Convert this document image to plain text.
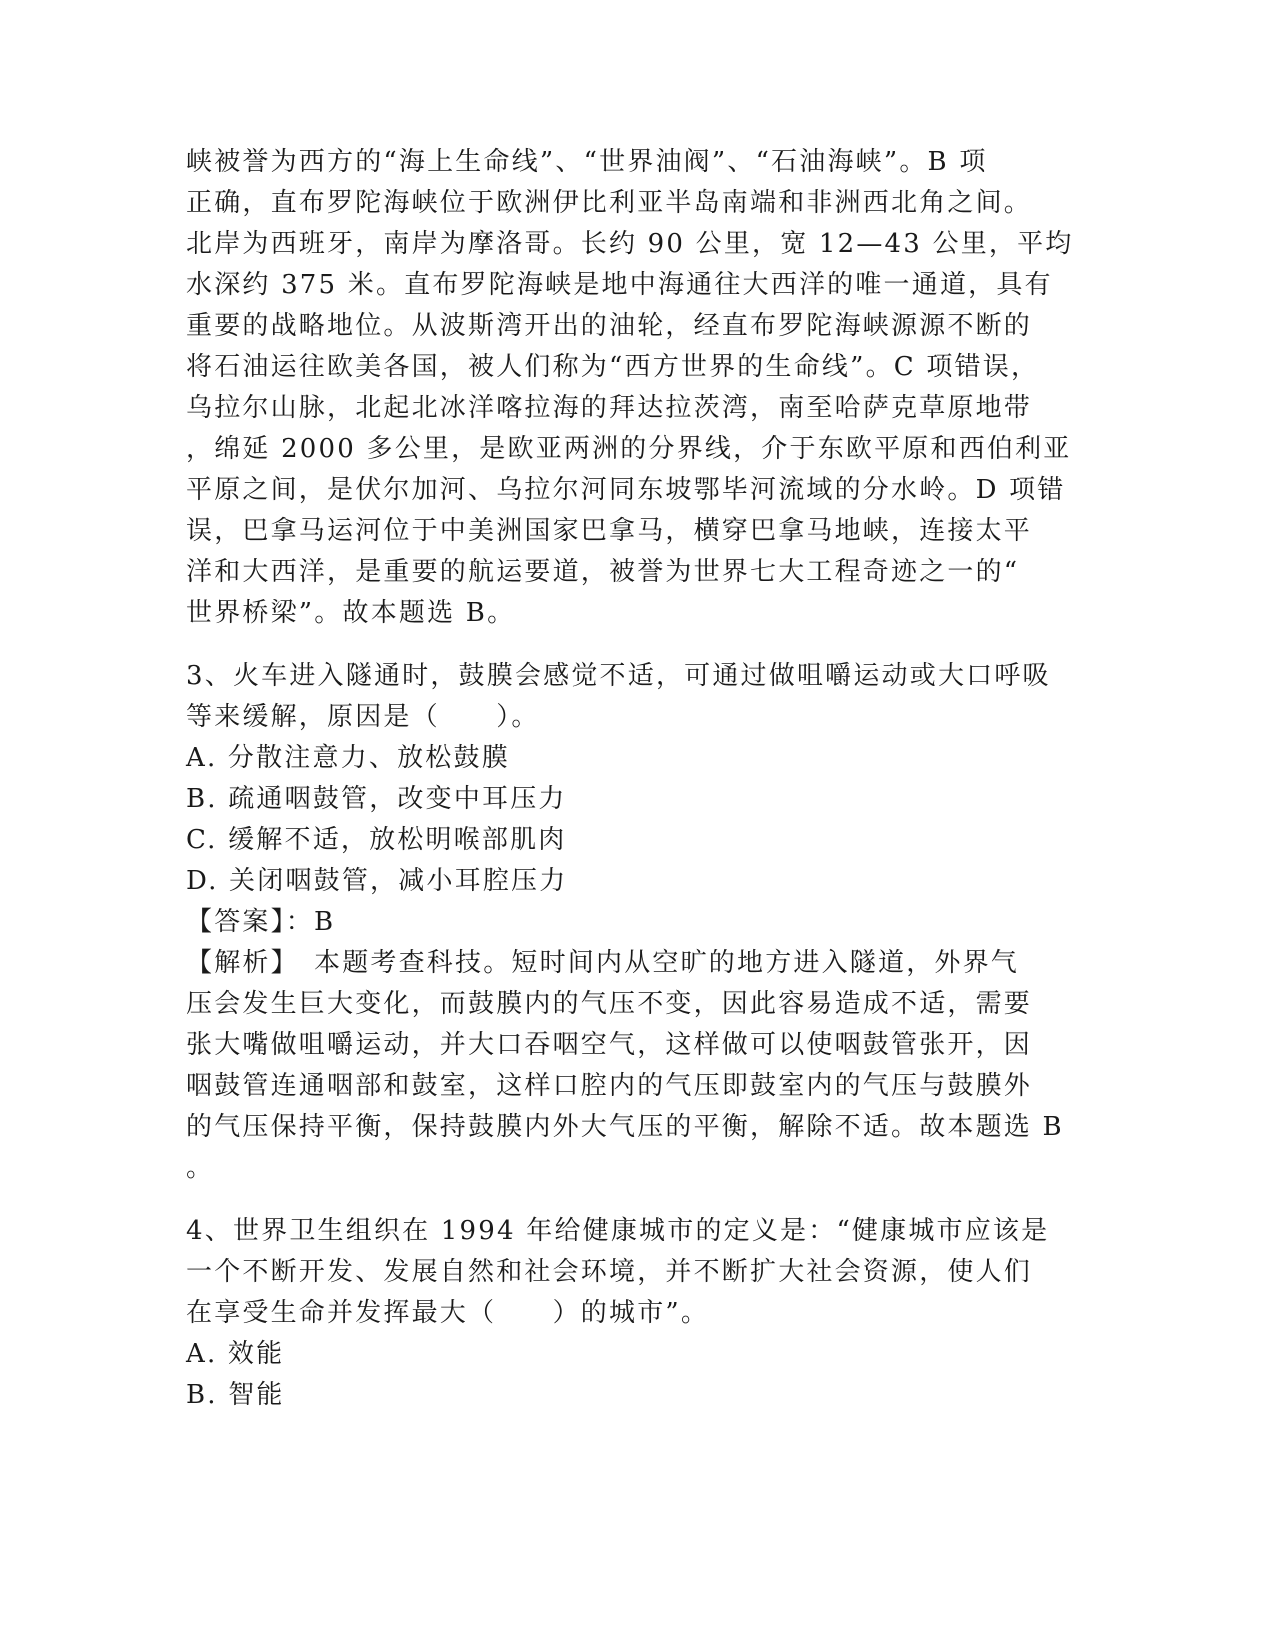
峡被誉为西方的“海上生命线”、“世界油阀”、“石油海峡”。B 项
正确，直布罗陀海峡位于欧洲伊比利亚半岛南端和非洲西北角之间。
北岸为西班牙，南岸为摩洛哥。长约 90 公里，宽 12—43 公里，平均
水深约 375 米。直布罗陀海峡是地中海通往大西洋的唯一通道，具有
重要的战略地位。从波斯湾开出的油轮，经直布罗陀海峡源源不断的
将石油运往欧美各国，被人们称为“西方世界的生命线”。C 项错误，
乌拉尔山脉，北起北冰洋喀拉海的拜达拉茨湾，南至哈萨克草原地带
，绵延 2000 多公里，是欧亚两洲的分界线，介于东欧平原和西伯利亚
平原之间，是伏尔加河、乌拉尔河同东坡鄂毕河流域的分水岭。D 项错
误，巴拿马运河位于中美洲国家巴拿马，横穿巴拿马地峡，连接太平
洋和大西洋，是重要的航运要道，被誉为世界七大工程奇迹之一的“
世界桥梁”。故本题选 B。
3、火车进入隧通时，鼓膜会感觉不适，可通过做咀嚼运动或大口呼吸
等来缓解，原因是（　　）。
A. 分散注意力、放松鼓膜
B. 疏通咽鼓管，改变中耳压力
C. 缓解不适，放松明喉部肌肉
D. 关闭咽鼓管，减小耳腔压力
【答案】：B
【解析】　本题考查科技。短时间内从空旷的地方进入隧道，外界气
压会发生巨大变化，而鼓膜内的气压不变，因此容易造成不适，需要
张大嘴做咀嚼运动，并大口吞咽空气，这样做可以使咽鼓管张开，因
咽鼓管连通咽部和鼓室，这样口腔内的气压即鼓室内的气压与鼓膜外
的气压保持平衡，保持鼓膜内外大气压的平衡，解除不适。故本题选 B
。
4、世界卫生组织在 1994 年给健康城市的定义是：“健康城市应该是
一个不断开发、发展自然和社会环境，并不断扩大社会资源，使人们
在享受生命并发挥最大（　　）的城市”。
A. 效能
B. 智能
